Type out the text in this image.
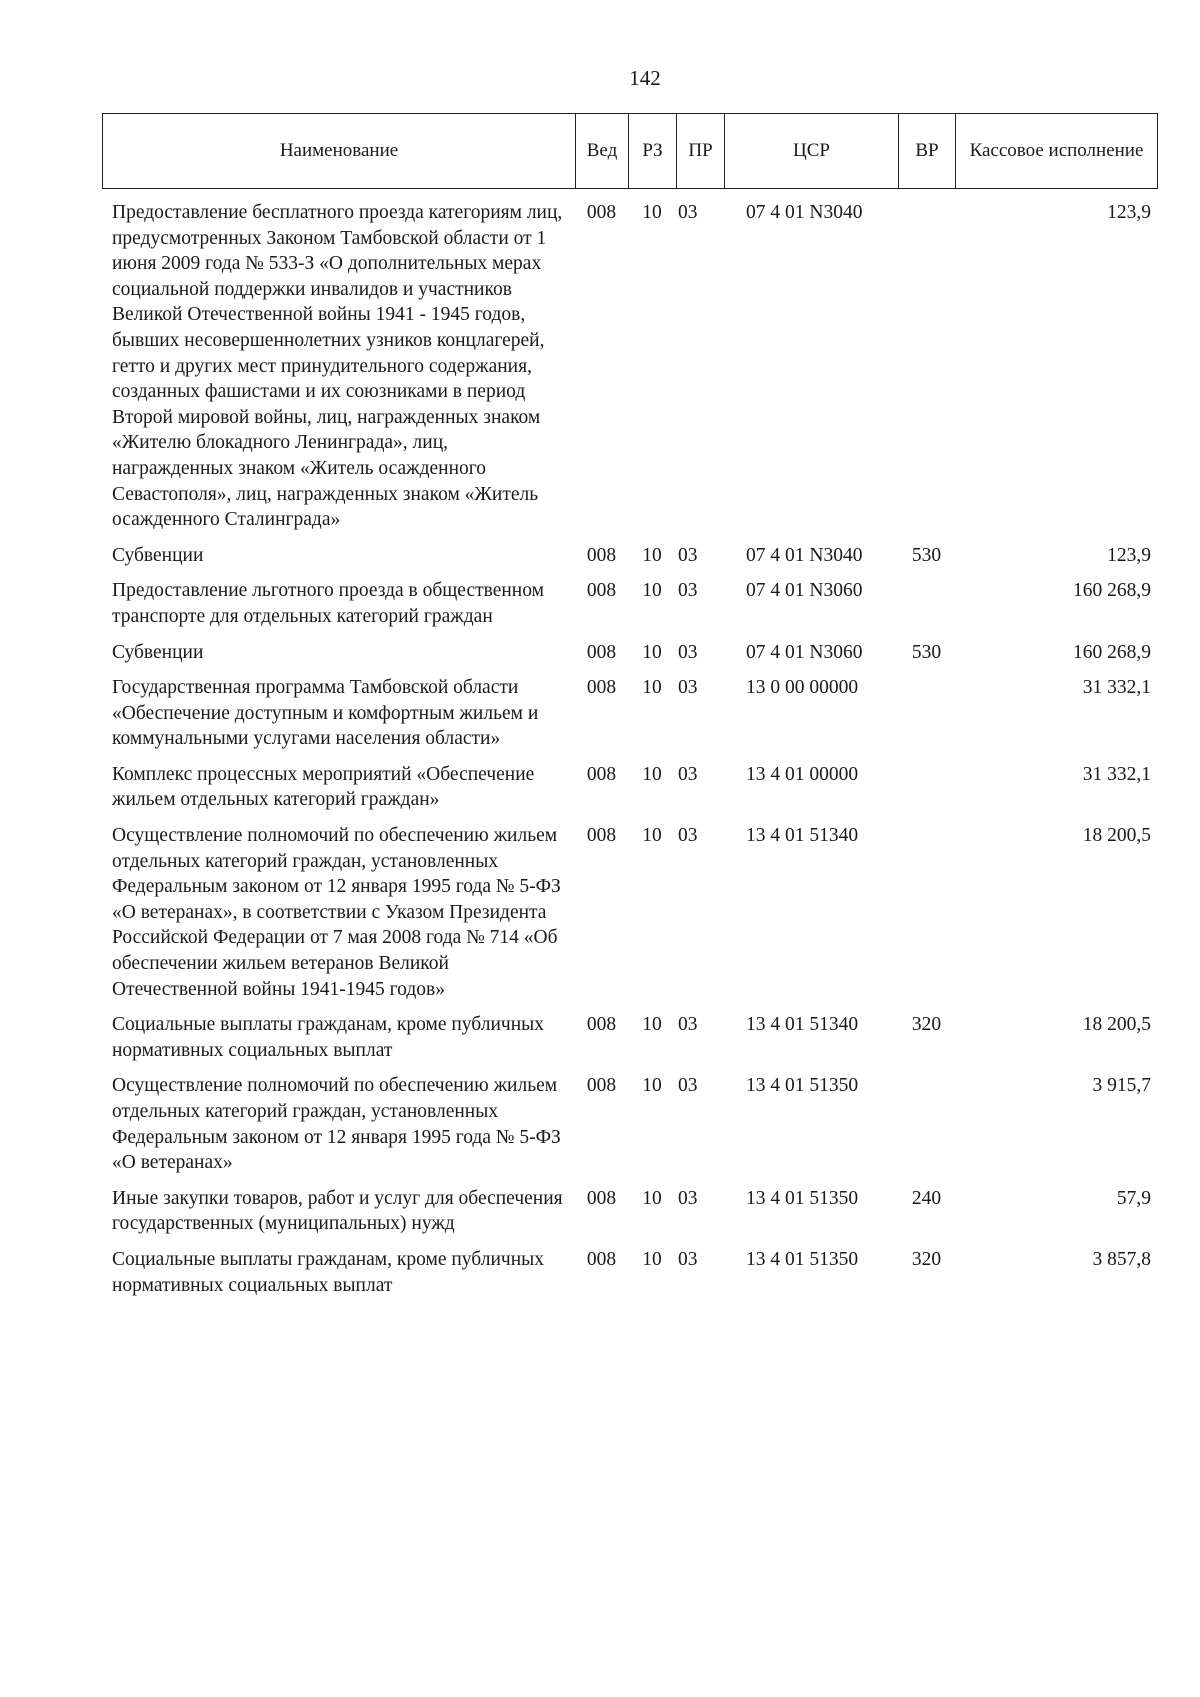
142
Наименование	Вед	РЗ	ПР	ЦСР	ВР	Кассовое исполнение
Предоставление бесплатного проезда категориям лиц, предусмотренных Законом Тамбовской области от 1 июня 2009 года № 533-З «О дополнительных мерах социальной поддержки инвалидов и участников Великой Отечественной войны 1941 - 1945 годов, бывших несовершеннолетних узников концлагерей, гетто и других мест принудительного содержания, созданных фашистами и их союзниками в период Второй мировой войны, лиц, награжденных знаком «Жителю блокадного Ленинграда», лиц, награжденных знаком «Житель осажденного Севастополя», лиц, награжденных знаком «Житель осажденного Сталинграда»	008	10	03	07 4 01 N3040		123,9
Субвенции	008	10	03	07 4 01 N3040	530	123,9
Предоставление льготного проезда в общественном транспорте для отдельных категорий граждан	008	10	03	07 4 01 N3060		160 268,9
Субвенции	008	10	03	07 4 01 N3060	530	160 268,9
Государственная программа Тамбовской области «Обеспечение доступным и комфортным жильем и коммунальными услугами населения области»	008	10	03	13 0 00 00000		31 332,1
Комплекс процессных мероприятий «Обеспечение жильем отдельных категорий граждан»	008	10	03	13 4 01 00000		31 332,1
Осуществление полномочий по обеспечению жильем отдельных категорий граждан, установленных Федеральным законом от 12 января 1995 года № 5-ФЗ «О ветеранах», в соответствии с Указом Президента Российской Федерации от 7 мая 2008 года № 714 «Об обеспечении жильем ветеранов Великой Отечественной войны 1941-1945 годов»	008	10	03	13 4 01 51340		18 200,5
Социальные выплаты гражданам, кроме публичных нормативных социальных выплат	008	10	03	13 4 01 51340	320	18 200,5
Осуществление полномочий по обеспечению жильем отдельных категорий граждан, установленных Федеральным законом от 12 января 1995 года № 5-ФЗ «О ветеранах»	008	10	03	13 4 01 51350		3 915,7
Иные закупки товаров, работ и услуг для обеспечения государственных (муниципальных) нужд	008	10	03	13 4 01 51350	240	57,9
Социальные выплаты гражданам, кроме публичных нормативных социальных выплат	008	10	03	13 4 01 51350	320	3 857,8
